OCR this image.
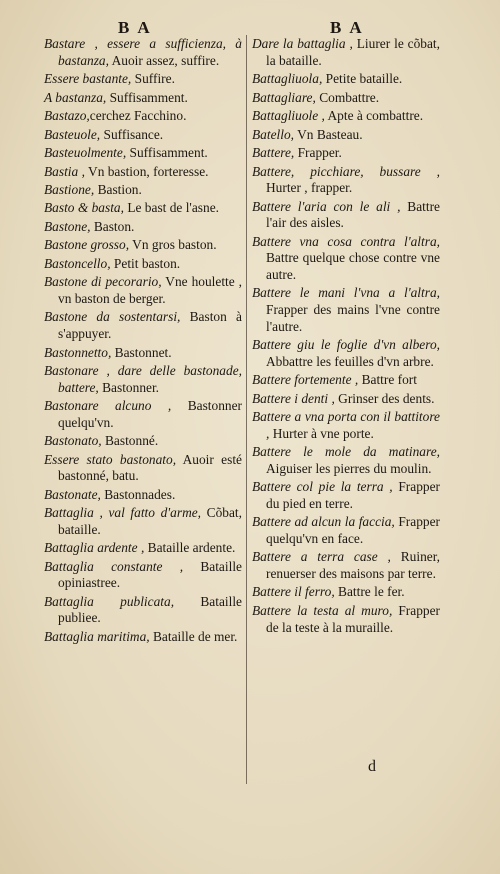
BA	BA

Bastare , essere a sufficienza, à bastanza, Auoir assez, suffire.

Essere bastante, Suffire.

A bastanza, Suffisamment.

Bastazo,cerchez Facchino.

Basteuole, Suffisance.

Basteuolmente, Suffisamment.

Bastia , Vn bastion, forteresse.

Bastione, Bastion.

Basto & basta, Le bast de l'asne.

Bastone, Baston.

Bastone grosso, Vn gros baston.

Bastoncello, Petit baston.

Bastone di pecorario, Vne houlette , vn baston de berger.

Bastone da sostentarsi, Baston à s'appuyer.

Bastonnetto, Bastonnet.

Bastonare , dare delle bastonade, battere, Bastonner.

Bastonare alcuno , Bastonner quelqu'vn.

Bastonato, Bastonné.

Essere stato bastonato, Auoir esté bastonné, batu.

Bastonate, Bastonnades.

Battaglia , val fatto d'arme, Cõbat, bataille.

Battaglia ardente , Bataille ardente.

Battaglia constante , Bataille opiniastree.

Battaglia publicata, Bataille publiee.

Battaglia maritima, Bataille de mer.

Dare la battaglia , Liurer le cõbat, la bataille.

Battagliuola, Petite bataille.

Battagliare, Combattre.

Battagliuole , Apte à combattre.

Batello, Vn Basteau.

Battere, Frapper.

Battere, picchiare, bussare , Hurter , frapper.

Battere l'aria con le ali , Battre l'air des aisles.

Battere vna cosa contra l'altra, Battre quelque chose contre vne autre.

Battere le mani l'vna a l'altra, Frapper des mains l'vne contre l'autre.

Battere giu le foglie d'vn albero, Abbattre les feuilles d'vn arbre.

Battere fortemente , Battre fort

Battere i denti , Grinser des dents.

Battere a vna porta con il battitore , Hurter à vne porte.

Battere le mole da matinare, Aiguiser les pierres du moulin.

Battere col pie la terra , Frapper du pied en terre.

Battere ad alcun la faccia, Frapper quelqu'vn en face.

Battere a terra case , Ruiner, renuerser des maisons par terre.

Battere il ferro, Battre le fer.

Battere la testa al muro, Frapper de la teste à la muraille.

d
